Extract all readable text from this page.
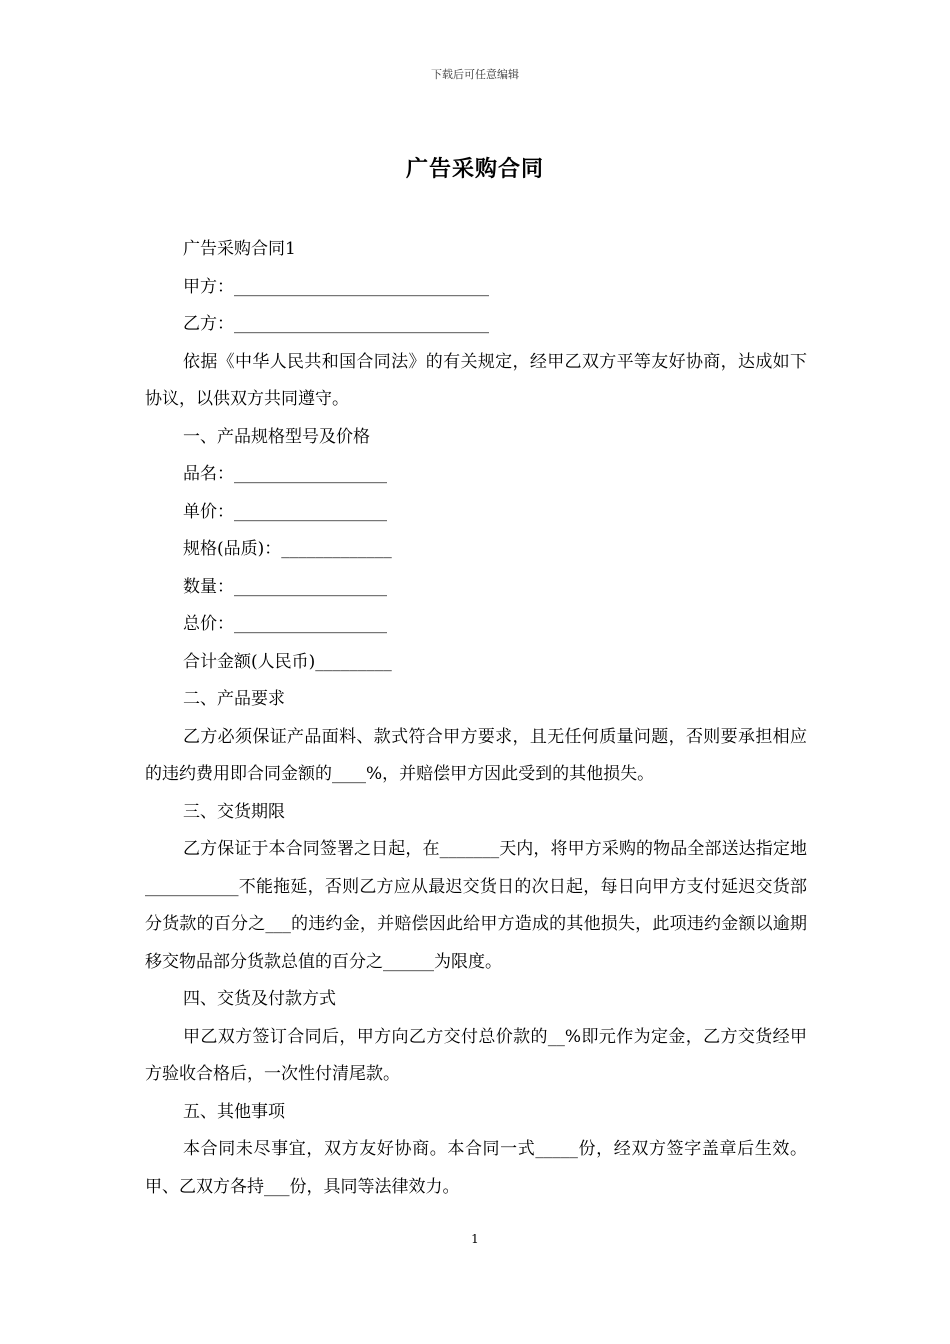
下载后可任意编辑
广告采购合同

广告采购合同1

甲方：______________________________

乙方：______________________________

依据《中华人民共和国合同法》的有关规定，经甲乙双方平等友好协商，达成如下协议，以供双方共同遵守。

一、产品规格型号及价格

品名：__________________

单价：__________________

规格(品质)：_____________

数量：__________________

总价：__________________

合计金额(人民币)_________

二、产品要求

乙方必须保证产品面料、款式符合甲方要求，且无任何质量问题，否则要承担相应的违约费用即合同金额的____%，并赔偿甲方因此受到的其他损失。

三、交货期限

乙方保证于本合同签署之日起，在_______天内，将甲方采购的物品全部送达指定地___________不能拖延，否则乙方应从最迟交货日的次日起，每日向甲方支付延迟交货部分货款的百分之___的违约金，并赔偿因此给甲方造成的其他损失，此项违约金额以逾期移交物品部分货款总值的百分之______为限度。

四、交货及付款方式

甲乙双方签订合同后，甲方向乙方交付总价款的__%即元作为定金，乙方交货经甲方验收合格后，一次性付清尾款。

五、其他事项

本合同未尽事宜，双方友好协商。本合同一式_____份，经双方签字盖章后生效。甲、乙双方各持___份，具同等法律效力。

1
